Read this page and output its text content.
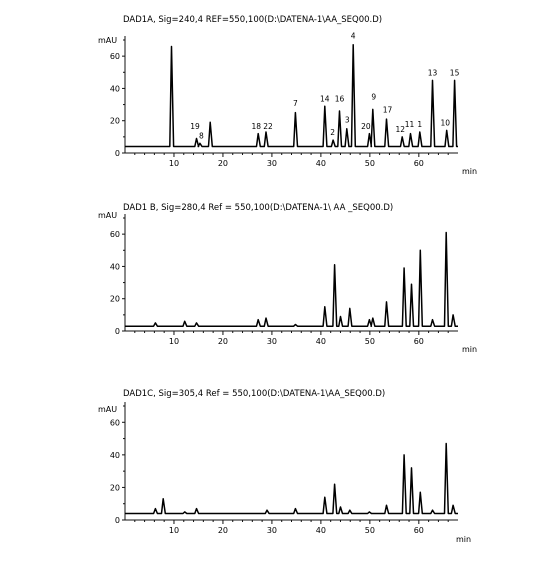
DAD1A, Sig=240,4 REF=550,100(D:\DATENA-1\AA_SEQ00.D)
mAU
min
0
20
40
60
10	20	30	40	50	60
19
8
18 22
7
14
2
16
3
4
20
9
17
12
11 1
13
10
15
DAD1 B, Sig=280,4 Ref = 550,100(D:\DATENA-1\ AA _SEQ00.D)
mAU
min
0
20
40
60
10	20	30	40	50	60
DAD1C, Sig=305,4 Ref = 550,100(D:\DATENA-1\AA_SEQ00.D)
mAU
min
0
20
40
60
10	20	30	40	50	60
